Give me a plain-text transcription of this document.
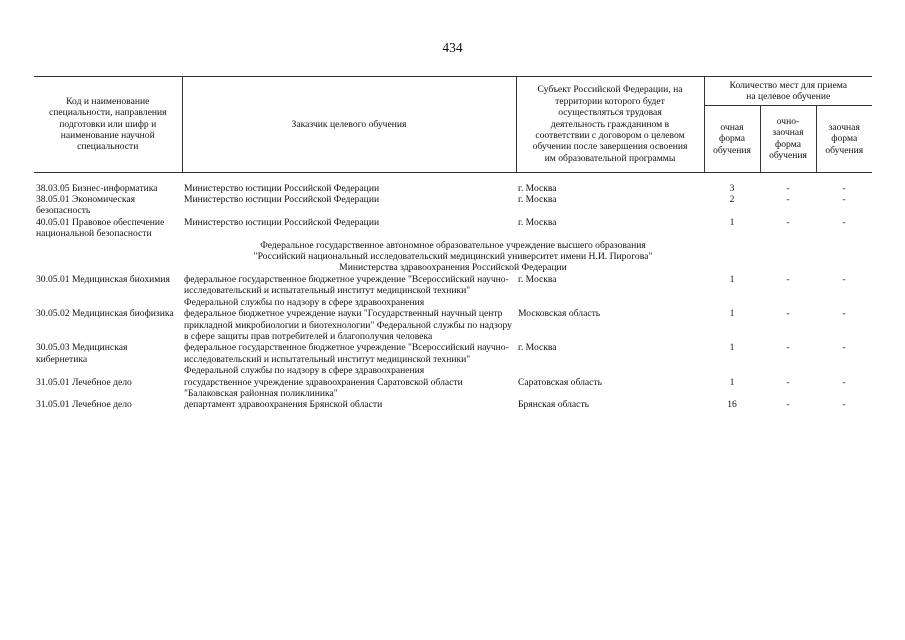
434
Код и наименование специальности, направления подготовки или шифр и наименование научной специальности	Заказчик целевого обучения	Субъект Российской Федерации, на территории которого будет осуществляться трудовая деятельность гражданином в соответствии с договором о целевом обучении после завершения освоения им образовательной программы	Количество мест для приема на целевое обучение		
			очная форма обучения	очно-заочная форма обучения	заочная форма обучения

38.03.05 Бизнес-информатика	Министерство юстиции Российской Федерации	г. Москва	3	-	-
38.05.01 Экономическая безопасность	Министерство юстиции Российской Федерации	г. Москва	2	-	-
40.05.01 Правовое обеспечение национальной безопасности	Министерство юстиции Российской Федерации	г. Москва	1	-	-
Федеральное государственное автономное образовательное учреждение высшего образования "Российский национальный исследовательский медицинский университет имени Н.И. Пирогова" Министерства здравоохранения Российской Федерации					
30.05.01 Медицинская биохимия	федеральное государственное бюджетное учреждение "Всероссийский научно-исследовательский и испытательный институт медицинской техники" Федеральной службы по надзору в сфере здравоохранения	г. Москва	1	-	-
30.05.02 Медицинская биофизика	федеральное бюджетное учреждение науки "Государственный научный центр прикладной микробиологии и биотехнологии" Федеральной службы по надзору в сфере защиты прав потребителей и благополучия человека	Московская область	1	-	-
30.05.03 Медицинская кибернетика	федеральное государственное бюджетное учреждение "Всероссийский научно-исследовательский и испытательный институт медицинской техники" Федеральной службы по надзору в сфере здравоохранения	г. Москва	1	-	-
31.05.01 Лечебное дело	государственное учреждение здравоохранения Саратовской области "Балаковская районная поликлиника"	Саратовская область	1	-	-
31.05.01 Лечебное дело	департамент здравоохранения Брянской области	Брянская область	16	-	-
